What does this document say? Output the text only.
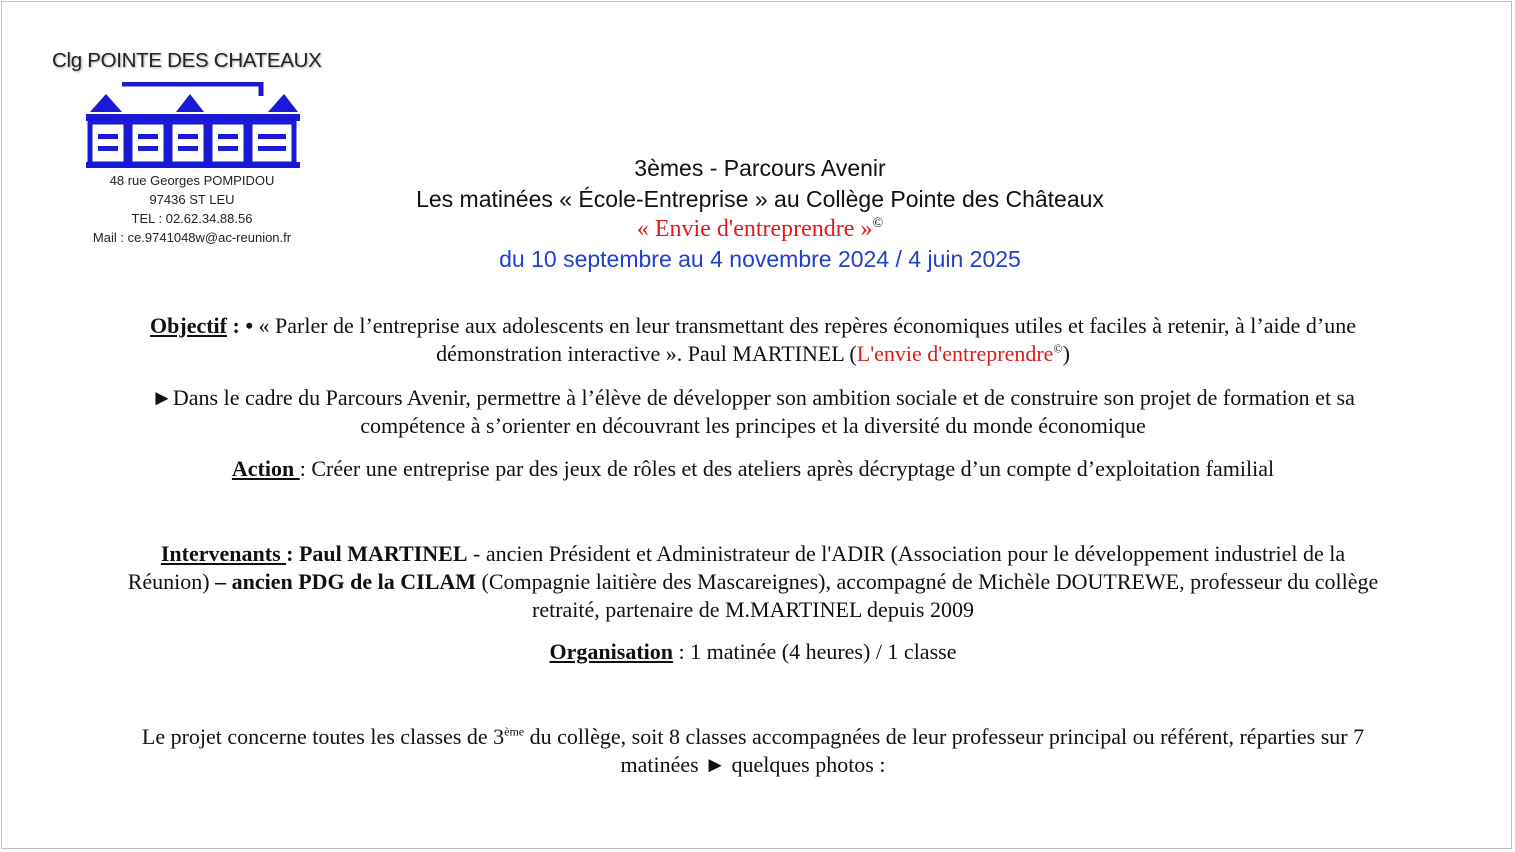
Clg POINTE DES CHATEAUX
48 rue Georges POMPIDOU
97436 ST LEU
TEL : 02.62.34.88.56
Mail : ce.9741048w@ac-reunion.fr
3èmes - Parcours Avenir
Les matinées « École-Entreprise » au Collège Pointe des Châteaux
« Envie d'entreprendre »©
du 10 septembre au 4 novembre 2024 / 4 juin 2025
Objectif : • « Parler de l’entreprise aux adolescents en leur transmettant des repères économiques utiles et faciles à retenir, à l’aide d’une démonstration interactive ». Paul MARTINEL (L'envie d'entreprendre©)
►Dans le cadre du Parcours Avenir, permettre à l’élève de développer son ambition sociale et de construire son projet de formation et sa compétence à s’orienter en découvrant les principes et la diversité du monde économique
Action : Créer une entreprise par des jeux de rôles et des ateliers après décryptage d’un compte d’exploitation familial
Intervenants : Paul MARTINEL - ancien Président et Administrateur de l'ADIR (Association pour le développement industriel de la Réunion) – ancien PDG de la CILAM (Compagnie laitière des Mascareignes), accompagné de Michèle DOUTREWE, professeur du collège retraité, partenaire de M.MARTINEL depuis 2009
Organisation : 1 matinée (4 heures) / 1 classe
Le projet concerne toutes les classes de 3ème du collège, soit 8 classes accompagnées de leur professeur principal ou référent, réparties sur 7 matinées ► quelques photos :
